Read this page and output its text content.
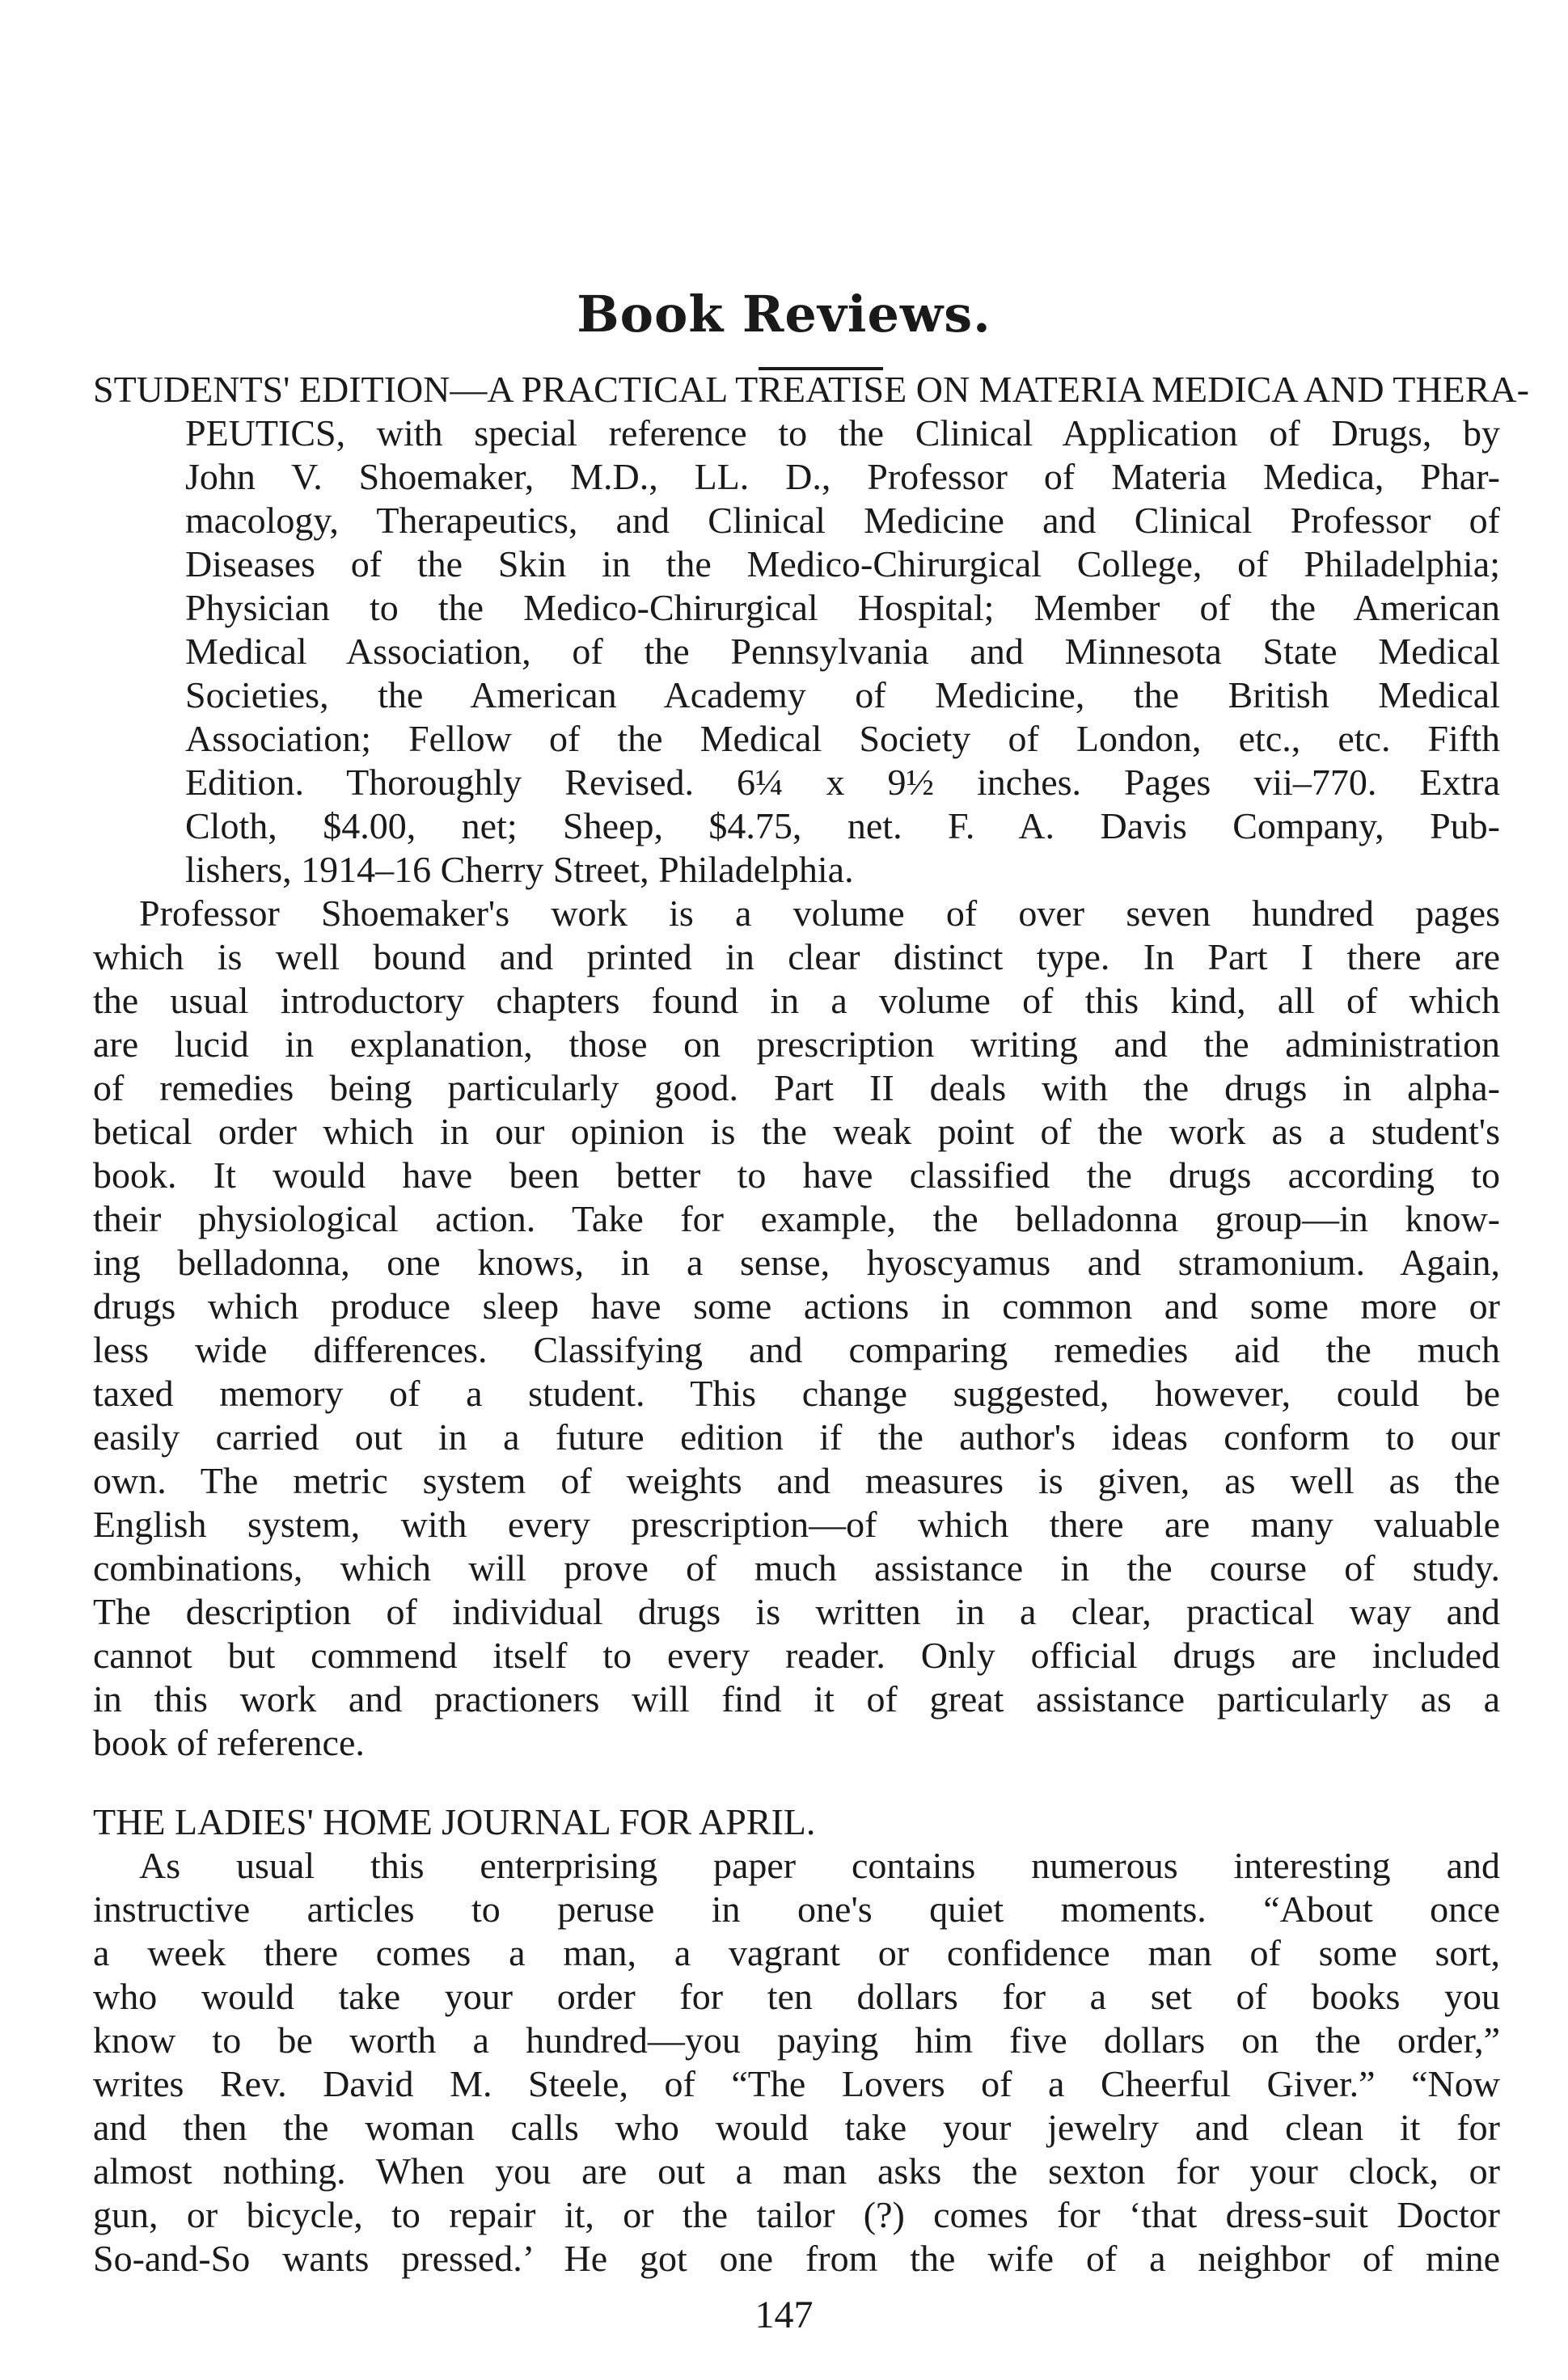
Book Reviews.
STUDENTS' EDITION—A PRACTICAL TREATISE ON MATERIA MEDICA AND THERA-
PEUTICS, with special reference to the Clinical Application of Drugs, by
John V. Shoemaker, M.D., LL. D., Professor of Materia Medica, Phar-
macology, Therapeutics, and Clinical Medicine and Clinical Professor of
Diseases of the Skin in the Medico-Chirurgical College, of Philadelphia;
Physician to the Medico-Chirurgical Hospital; Member of the American
Medical Association, of the Pennsylvania and Minnesota State Medical
Societies, the American Academy of Medicine, the British Medical
Association; Fellow of the Medical Society of London, etc., etc. Fifth
Edition. Thoroughly Revised. 6¼ x 9½ inches. Pages vii–770. Extra
Cloth, $4.00, net; Sheep, $4.75, net. F. A. Davis Company, Pub-
lishers, 1914–16 Cherry Street, Philadelphia.
Professor Shoemaker's work is a volume of over seven hundred pages
which is well bound and printed in clear distinct type. In Part I there are
the usual introductory chapters found in a volume of this kind, all of which
are lucid in explanation, those on prescription writing and the administration
of remedies being particularly good. Part II deals with the drugs in alpha-
betical order which in our opinion is the weak point of the work as a student's
book. It would have been better to have classified the drugs according to
their physiological action. Take for example, the belladonna group—in know-
ing belladonna, one knows, in a sense, hyoscyamus and stramonium. Again,
drugs which produce sleep have some actions in common and some more or
less wide differences. Classifying and comparing remedies aid the much
taxed memory of a student. This change suggested, however, could be
easily carried out in a future edition if the author's ideas conform to our
own. The metric system of weights and measures is given, as well as the
English system, with every prescription—of which there are many valuable
combinations, which will prove of much assistance in the course of study.
The description of individual drugs is written in a clear, practical way and
cannot but commend itself to every reader. Only official drugs are included
in this work and practioners will find it of great assistance particularly as a
book of reference.
THE LADIES' HOME JOURNAL FOR APRIL.
As usual this enterprising paper contains numerous interesting and
instructive articles to peruse in one's quiet moments. “About once
a week there comes a man, a vagrant or confidence man of some sort,
who would take your order for ten dollars for a set of books you
know to be worth a hundred—you paying him five dollars on the order,”
writes Rev. David M. Steele, of “The Lovers of a Cheerful Giver.” “Now
and then the woman calls who would take your jewelry and clean it for
almost nothing. When you are out a man asks the sexton for your clock, or
gun, or bicycle, to repair it, or the tailor (?) comes for ‘that dress-suit Doctor
So-and-So wants pressed.’ He got one from the wife of a neighbor of mine
147
